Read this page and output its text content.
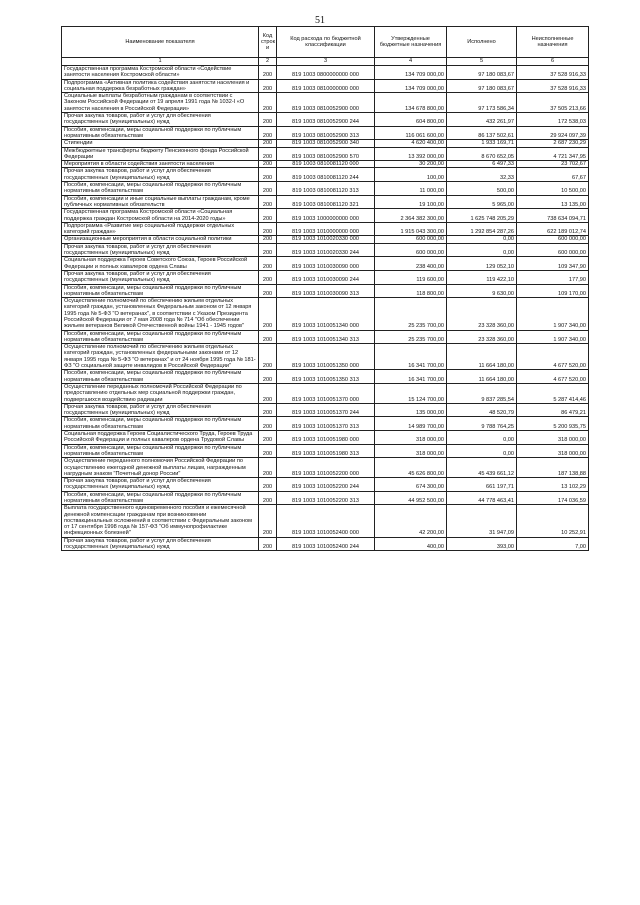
51
Наименование показателя	Код строк и	Код расхода по бюджетной классификации	Утвержденные бюджетные назначения	Исполнено	Неисполненные назначения
1	2	3	4	5	6
Государственная программа Костромской области «Содействие занятости населения Костромской области»	200	819 1003 0800000000 000	134 709 000,00	97 180 083,67	37 528 916,33
Подпрограмма «Активная политика содействия занятости населения и социальная поддержка безработных граждан»	200	819 1003 0810000000 000	134 709 000,00	97 180 083,67	37 528 916,33
Социальные выплаты безработным гражданам в соответствии с Законом Российской Федерации от 19 апреля 1991 года № 1032-I «О занятости населения в Российской Федерации»	200	819 1003 0810052900 000	134 678 800,00	97 173 586,34	37 505 213,66
Прочая закупка товаров, работ и услуг для обеспечения государственных (муниципальных) нужд	200	819 1003 0810052900 244	604 800,00	432 261,97	172 538,03
Пособия, компенсации, меры социальной поддержки по публичным нормативным обязательствам	200	819 1003 0810052900 313	116 061 600,00	86 137 502,61	29 924 097,39
Стипендии	200	819 1003 0810052900 340	4 620 400,00	1 933 169,71	2 687 230,29
Межбюджетные трансферты бюджету Пенсионного фонда Российской Федерации	200	819 1003 0810052900 570	13 392 000,00	8 670 652,05	4 721 347,95
Мероприятия в области содействия занятости населения	200	819 1003 0810081120 000	30 200,00	6 497,33	23 702,67
Прочая закупка товаров, работ и услуг для обеспечения государственных (муниципальных) нужд	200	819 1003 0810081120 244	100,00	32,33	67,67
Пособия, компенсации, меры социальной поддержки по публичным нормативным обязательствам	200	819 1003 0810081120 313	11 000,00	500,00	10 500,00
Пособия, компенсации и иные социальные выплаты гражданам, кроме публичных нормативных обязательств	200	819 1003 0810081120 321	19 100,00	5 965,00	13 135,00
Государственная программа Костромской области «Социальная поддержка граждан Костромской области на 2014-2020 годы»	200	819 1003 1000000000 000	2 364 382 300,00	1 625 748 205,29	738 634 094,71
Подпрограмма «Развитие мер социальной поддержки отдельных категорий граждан»	200	819 1003 1010000000 000	1 915 043 300,00	1 292 854 287,26	622 189 012,74
Организационные мероприятия в области социальной политики	200	819 1003 1010020330 000	600 000,00	0,00	600 000,00
Прочая закупка товаров, работ и услуг для обеспечения государственных (муниципальных) нужд	200	819 1003 1010020330 244	600 000,00	0,00	600 000,00
Социальная поддержка Героев Советского Союза, Героев Российской Федерации и полных кавалеров ордена Славы	200	819 1003 1010030090 000	238 400,00	129 052,10	109 347,90
Прочая закупка товаров, работ и услуг для обеспечения государственных (муниципальных) нужд	200	819 1003 1010030090 244	119 600,00	119 422,10	177,90
Пособия, компенсации, меры социальной поддержки по публичным нормативным обязательствам	200	819 1003 1010030090 313	118 800,00	9 630,00	109 170,00
Осуществление полномочий по обеспечению жильем отдельных категорий граждан, установленных Федеральным законом от 12 января 1995 года № 5-ФЗ "О ветеранах", в соответствии с Указом Президента Российской Федерации от 7 мая 2008 года № 714 "Об обеспечении жильем ветеранов Великой Отечественной войны 1941 - 1945 годов"	200	819 1003 1010051340 000	25 235 700,00	23 328 360,00	1 907 340,00
Пособия, компенсации, меры социальной поддержки по публичным нормативным обязательствам	200	819 1003 1010051340 313	25 235 700,00	23 328 360,00	1 907 340,00
Осуществление полномочий по обеспечению жильем отдельных категорий граждан, установленных федеральными законами от 12 января 1995 года № 5-ФЗ "О ветеранах" и от 24 ноября 1995 года № 181-ФЗ "О социальной защите инвалидов в Российской Федерации"	200	819 1003 1010051350 000	16 341 700,00	11 664 180,00	4 677 520,00
Пособия, компенсации, меры социальной поддержки по публичным нормативным обязательствам	200	819 1003 1010051350 313	16 341 700,00	11 664 180,00	4 677 520,00
Осуществление переданных полномочий Российской Федерации по предоставлению отдельных мер социальной поддержки граждан, подвергшихся воздействию радиации	200	819 1003 1010051370 000	15 124 700,00	9 837 285,54	5 287 414,46
Прочая закупка товаров, работ и услуг для обеспечения государственных (муниципальных) нужд	200	819 1003 1010051370 244	135 000,00	48 520,79	86 479,21
Пособия, компенсации, меры социальной поддержки по публичным нормативным обязательствам	200	819 1003 1010051370 313	14 989 700,00	9 788 764,25	5 200 935,75
Социальная поддержка Героев Социалистического Труда, Героев Труда Российской Федерации и полных кавалеров ордена Трудовой Славы	200	819 1003 1010051980 000	318 000,00	0,00	318 000,00
Пособия, компенсации, меры социальной поддержки по публичным нормативным обязательствам	200	819 1003 1010051980 313	318 000,00	0,00	318 000,00
Осуществление переданного полномочия Российской Федерации по осуществлению ежегодной денежной выплаты лицам, награжденным нагрудным знаком "Почетный донор России"	200	819 1003 1010052200 000	45 626 800,00	45 439 661,12	187 138,88
Прочая закупка товаров, работ и услуг для обеспечения государственных (муниципальных) нужд	200	819 1003 1010052200 244	674 300,00	661 197,71	13 102,29
Пособия, компенсации, меры социальной поддержки по публичным нормативным обязательствам	200	819 1003 1010052200 313	44 952 500,00	44 778 463,41	174 036,59
Выплата государственного единовременного пособия и ежемесячной денежной компенсации гражданам при возникновении поствакцинальных осложнений в соответствии с Федеральным законом от 17 сентября 1998 года № 157-ФЗ "Об иммунопрофилактике инфекционных болезней"	200	819 1003 1010052400 000	42 200,00	31 947,09	10 252,91
Прочая закупка товаров, работ и услуг для обеспечения государственных (муниципальных) нужд	200	819 1003 1010052400 244	400,00	393,00	7,00
